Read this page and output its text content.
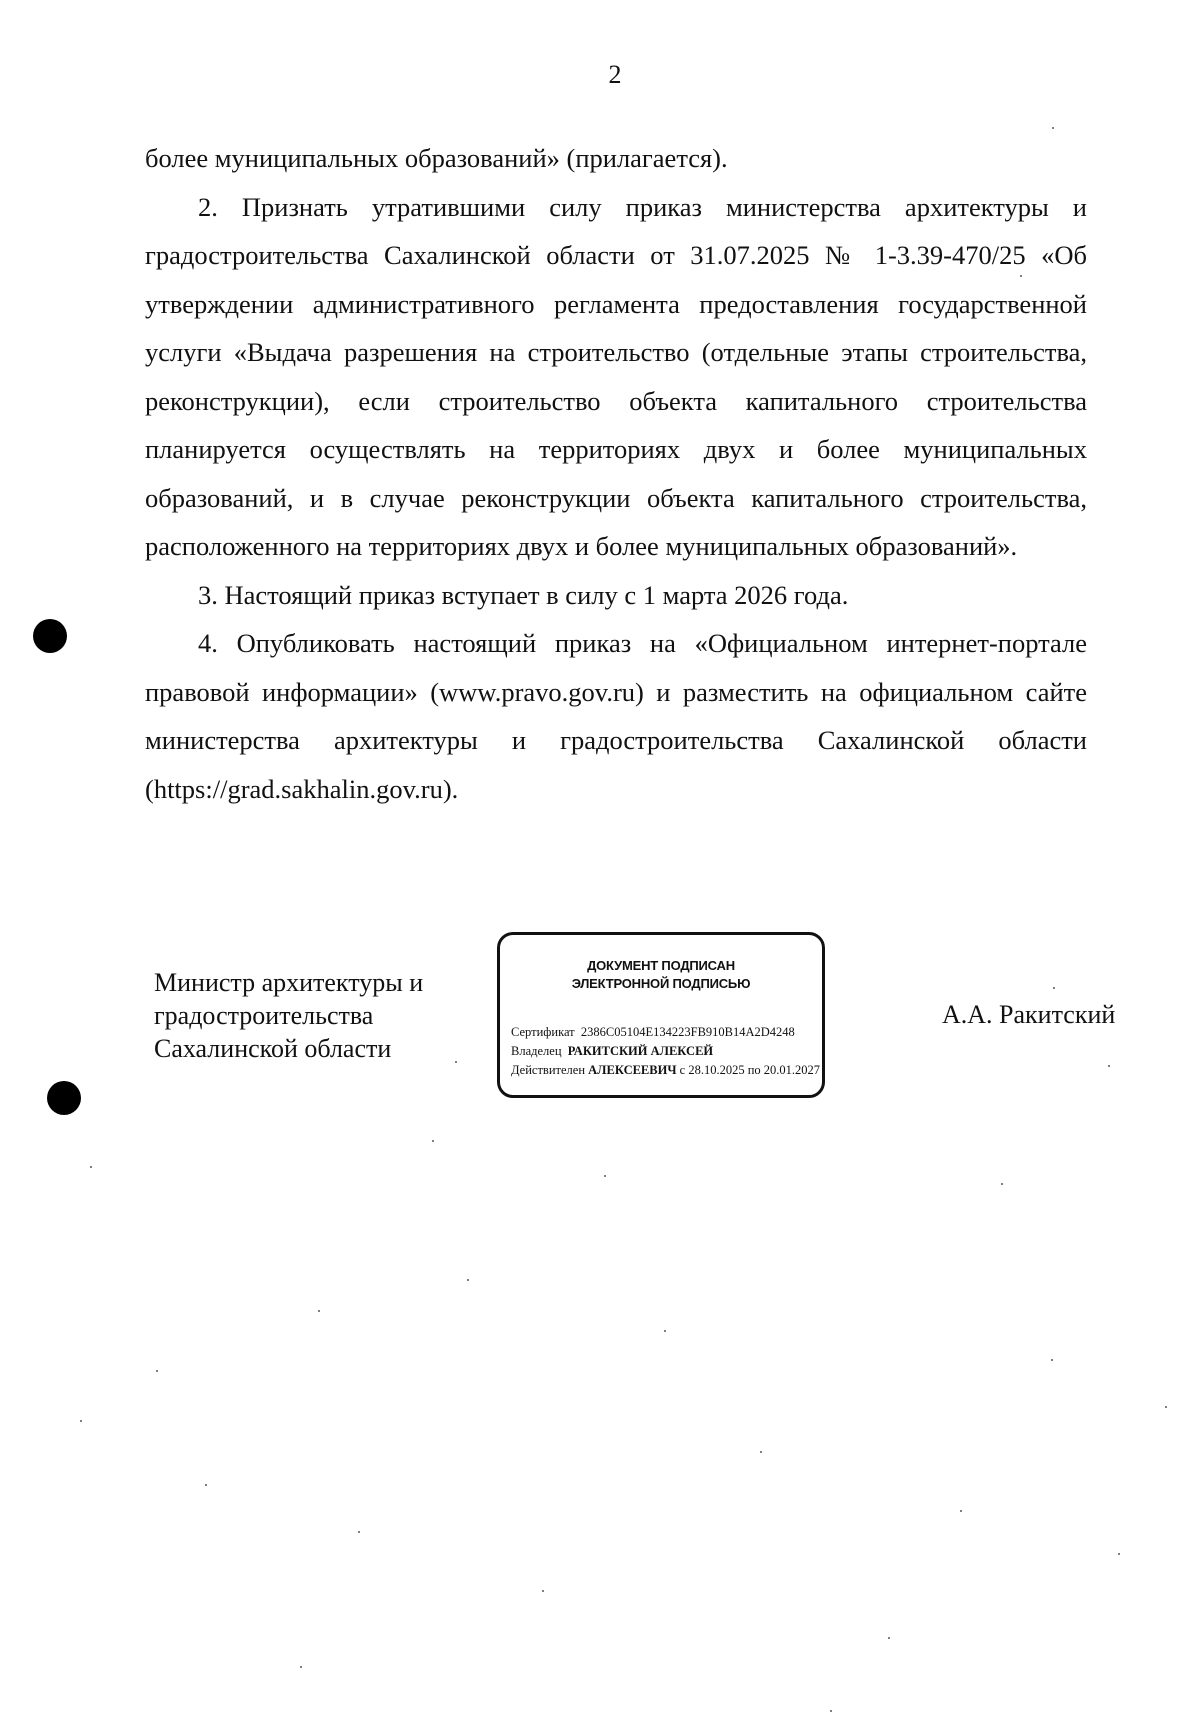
2

более муниципальных образований» (прилагается).

2. Признать утратившими силу приказ министерства архитектуры и градостроительства Сахалинской области от 31.07.2025 № 1-3.39-470/25 «Об утверждении административного регламента предоставления государственной услуги «Выдача разрешения на строительство (отдельные этапы строительства, реконструкции), если строительство объекта капитального строительства планируется осуществлять на территориях двух и более муниципальных образований, и в случае реконструкции объекта капитального строительства, расположенного на территориях двух и более муниципальных образований».

3. Настоящий приказ вступает в силу с 1 марта 2026 года.

4. Опубликовать настоящий приказ на «Официальном интернет-портале правовой информации» (www.pravo.gov.ru) и разместить на официальном сайте министерства архитектуры и градостроительства Сахалинской области (https://grad.sakhalin.gov.ru).

Министр архитектуры и
градостроительства
Сахалинской области
ДОКУМЕНТ ПОДПИСАН
ЭЛЕКТРОННОЙ ПОДПИСЬЮ
Сертификат 2386C05104E134223FB910B14A2D4248
Владелец РАКИТСКИЙ АЛЕКСЕЙ
Действителен АЛЕКСЕЕВИЧ с 28.10.2025 по 20.01.2027
А.А. Ракитский
